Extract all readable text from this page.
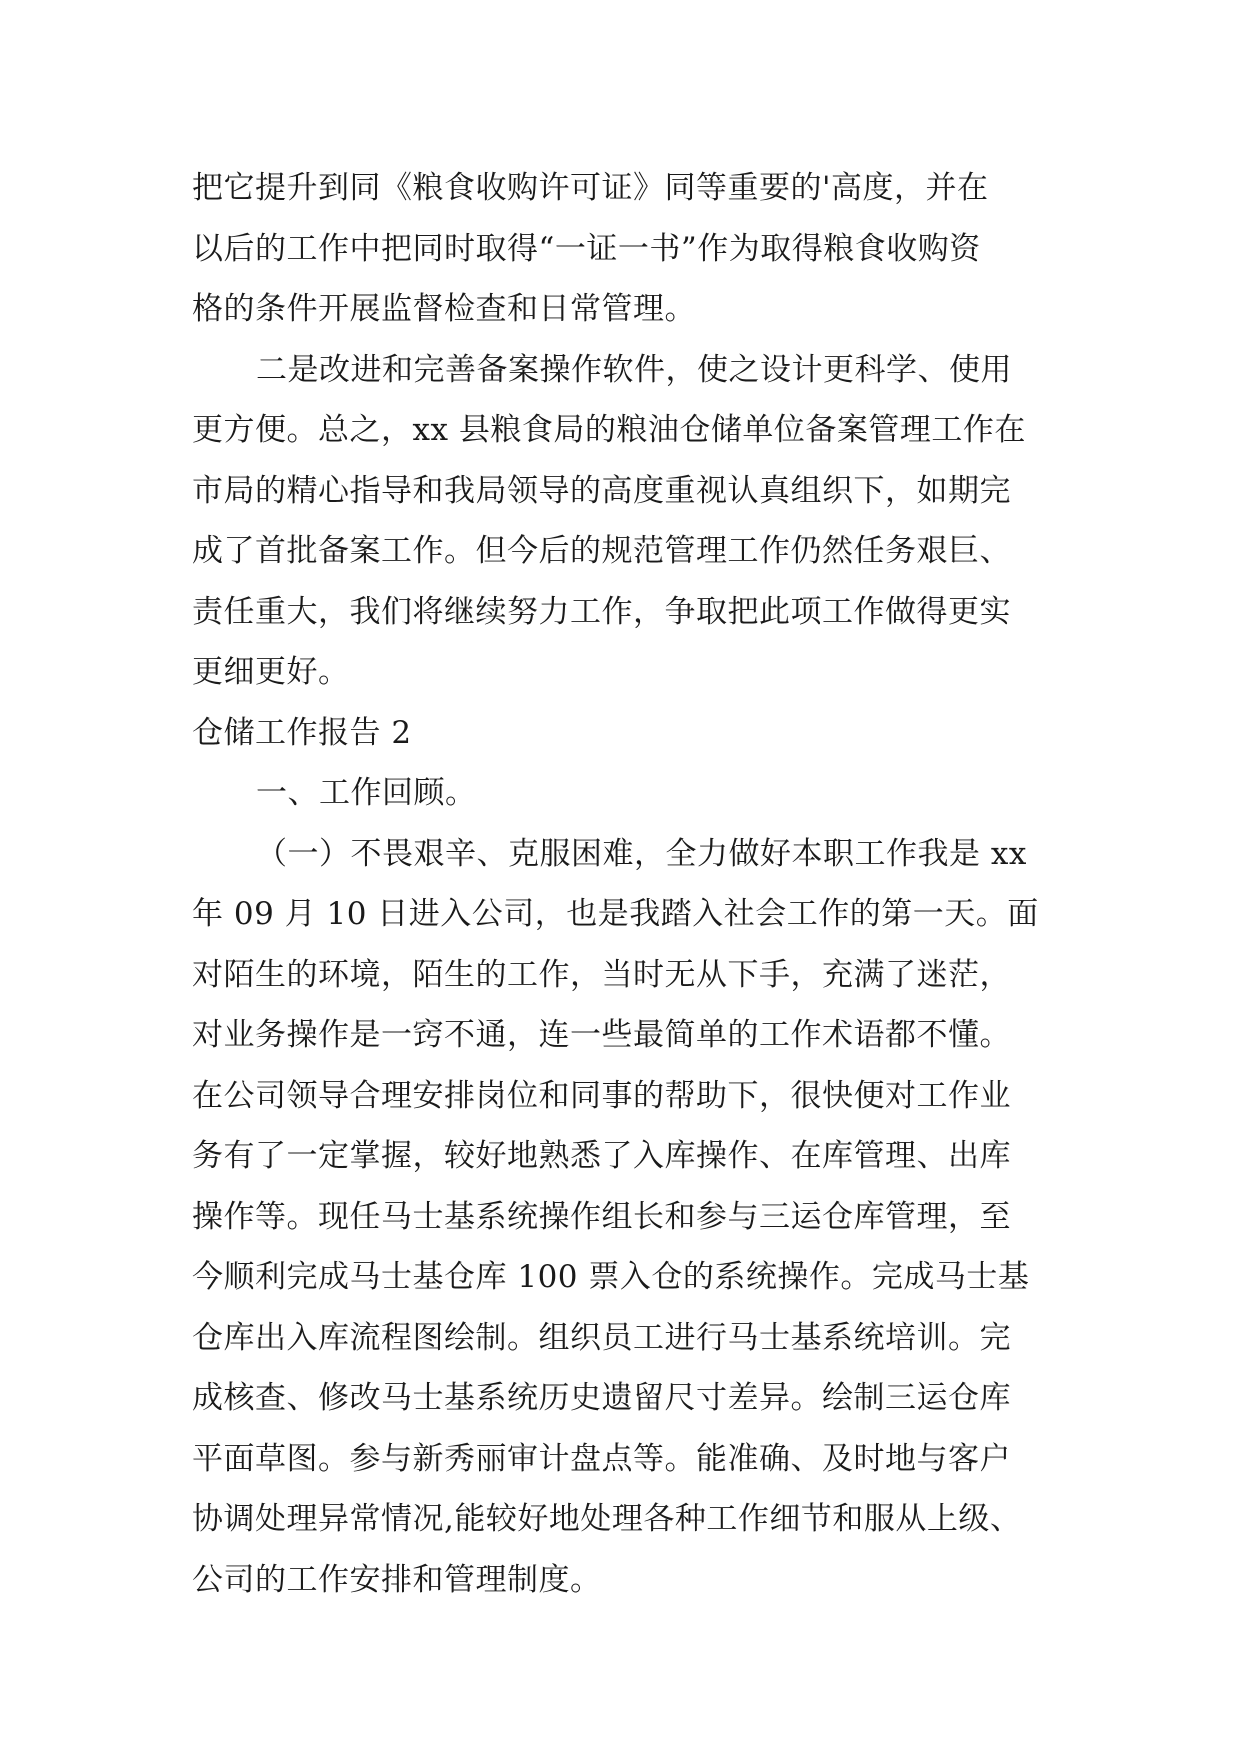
把它提升到同《粮食收购许可证》同等重要的'高度，并在
以后的工作中把同时取得“一证一书”作为取得粮食收购资
格的条件开展监督检查和日常管理。
二是改进和完善备案操作软件，使之设计更科学、使用
更方便。总之，xx 县粮食局的粮油仓储单位备案管理工作在
市局的精心指导和我局领导的高度重视认真组织下，如期完
成了首批备案工作。但今后的规范管理工作仍然任务艰巨、
责任重大，我们将继续努力工作，争取把此项工作做得更实
更细更好。
仓储工作报告 2
一、工作回顾。
（一）不畏艰辛、克服困难，全力做好本职工作我是 xx
年 09 月 10 日进入公司，也是我踏入社会工作的第一天。面
对陌生的环境，陌生的工作，当时无从下手，充满了迷茫，
对业务操作是一窍不通，连一些最简单的工作术语都不懂。
在公司领导合理安排岗位和同事的帮助下，很快便对工作业
务有了一定掌握，较好地熟悉了入库操作、在库管理、出库
操作等。现任马士基系统操作组长和参与三运仓库管理，至
今顺利完成马士基仓库 100 票入仓的系统操作。完成马士基
仓库出入库流程图绘制。组织员工进行马士基系统培训。完
成核查、修改马士基系统历史遗留尺寸差异。绘制三运仓库
平面草图。参与新秀丽审计盘点等。能准确、及时地与客户
协调处理异常情况,能较好地处理各种工作细节和服从上级、
公司的工作安排和管理制度。
